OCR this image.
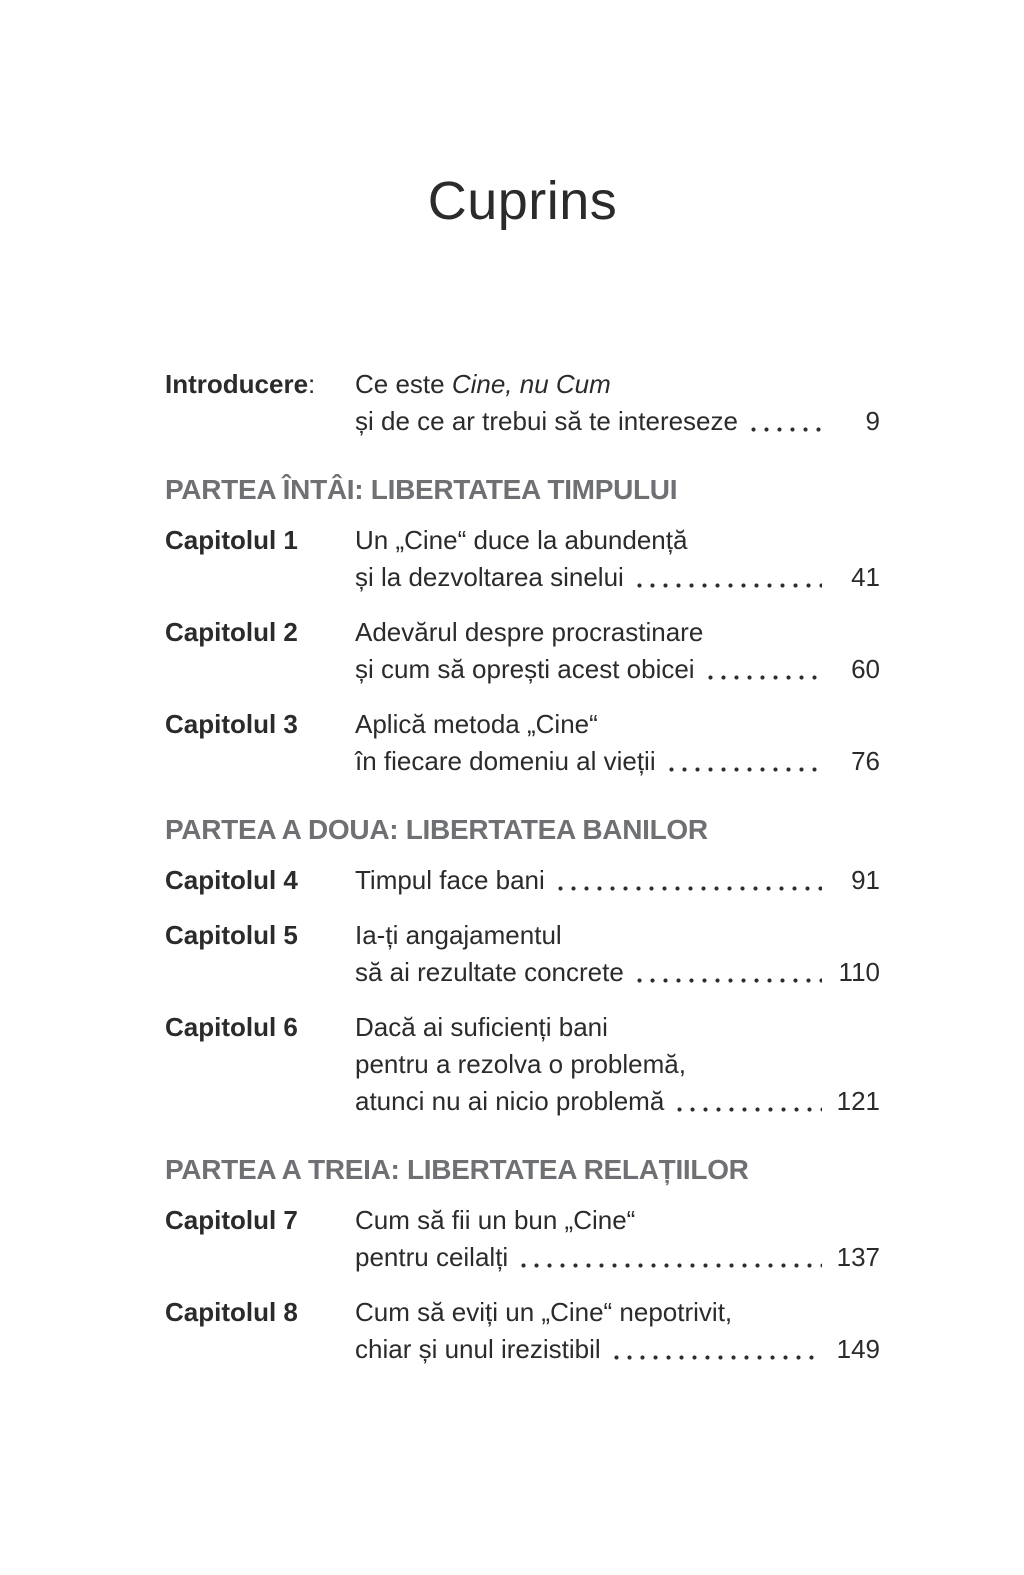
Cuprins
Introducere:	Ce este Cine, nu Cum
și de ce ar trebui să te intereseze	9
PARTEA ÎNTÂI: LIBERTATEA TIMPULUI
Capitolul 1	Un „Cine“ duce la abundență
și la dezvoltarea sinelui	41
Capitolul 2	Adevărul despre procrastinare
și cum să oprești acest obicei	60
Capitolul 3	Aplică metoda „Cine“
în fiecare domeniu al vieții	76
PARTEA A DOUA: LIBERTATEA BANILOR
Capitolul 4	Timpul face bani	91
Capitolul 5	Ia-ți angajamentul
să ai rezultate concrete	110
Capitolul 6	Dacă ai suficienți bani
pentru a rezolva o problemă,
atunci nu ai nicio problemă	121
PARTEA A TREIA: LIBERTATEA RELAȚIILOR
Capitolul 7	Cum să fii un bun „Cine“
pentru ceilalți	137
Capitolul 8	Cum să eviți un „Cine“ nepotrivit,
chiar și unul irezistibil	149
